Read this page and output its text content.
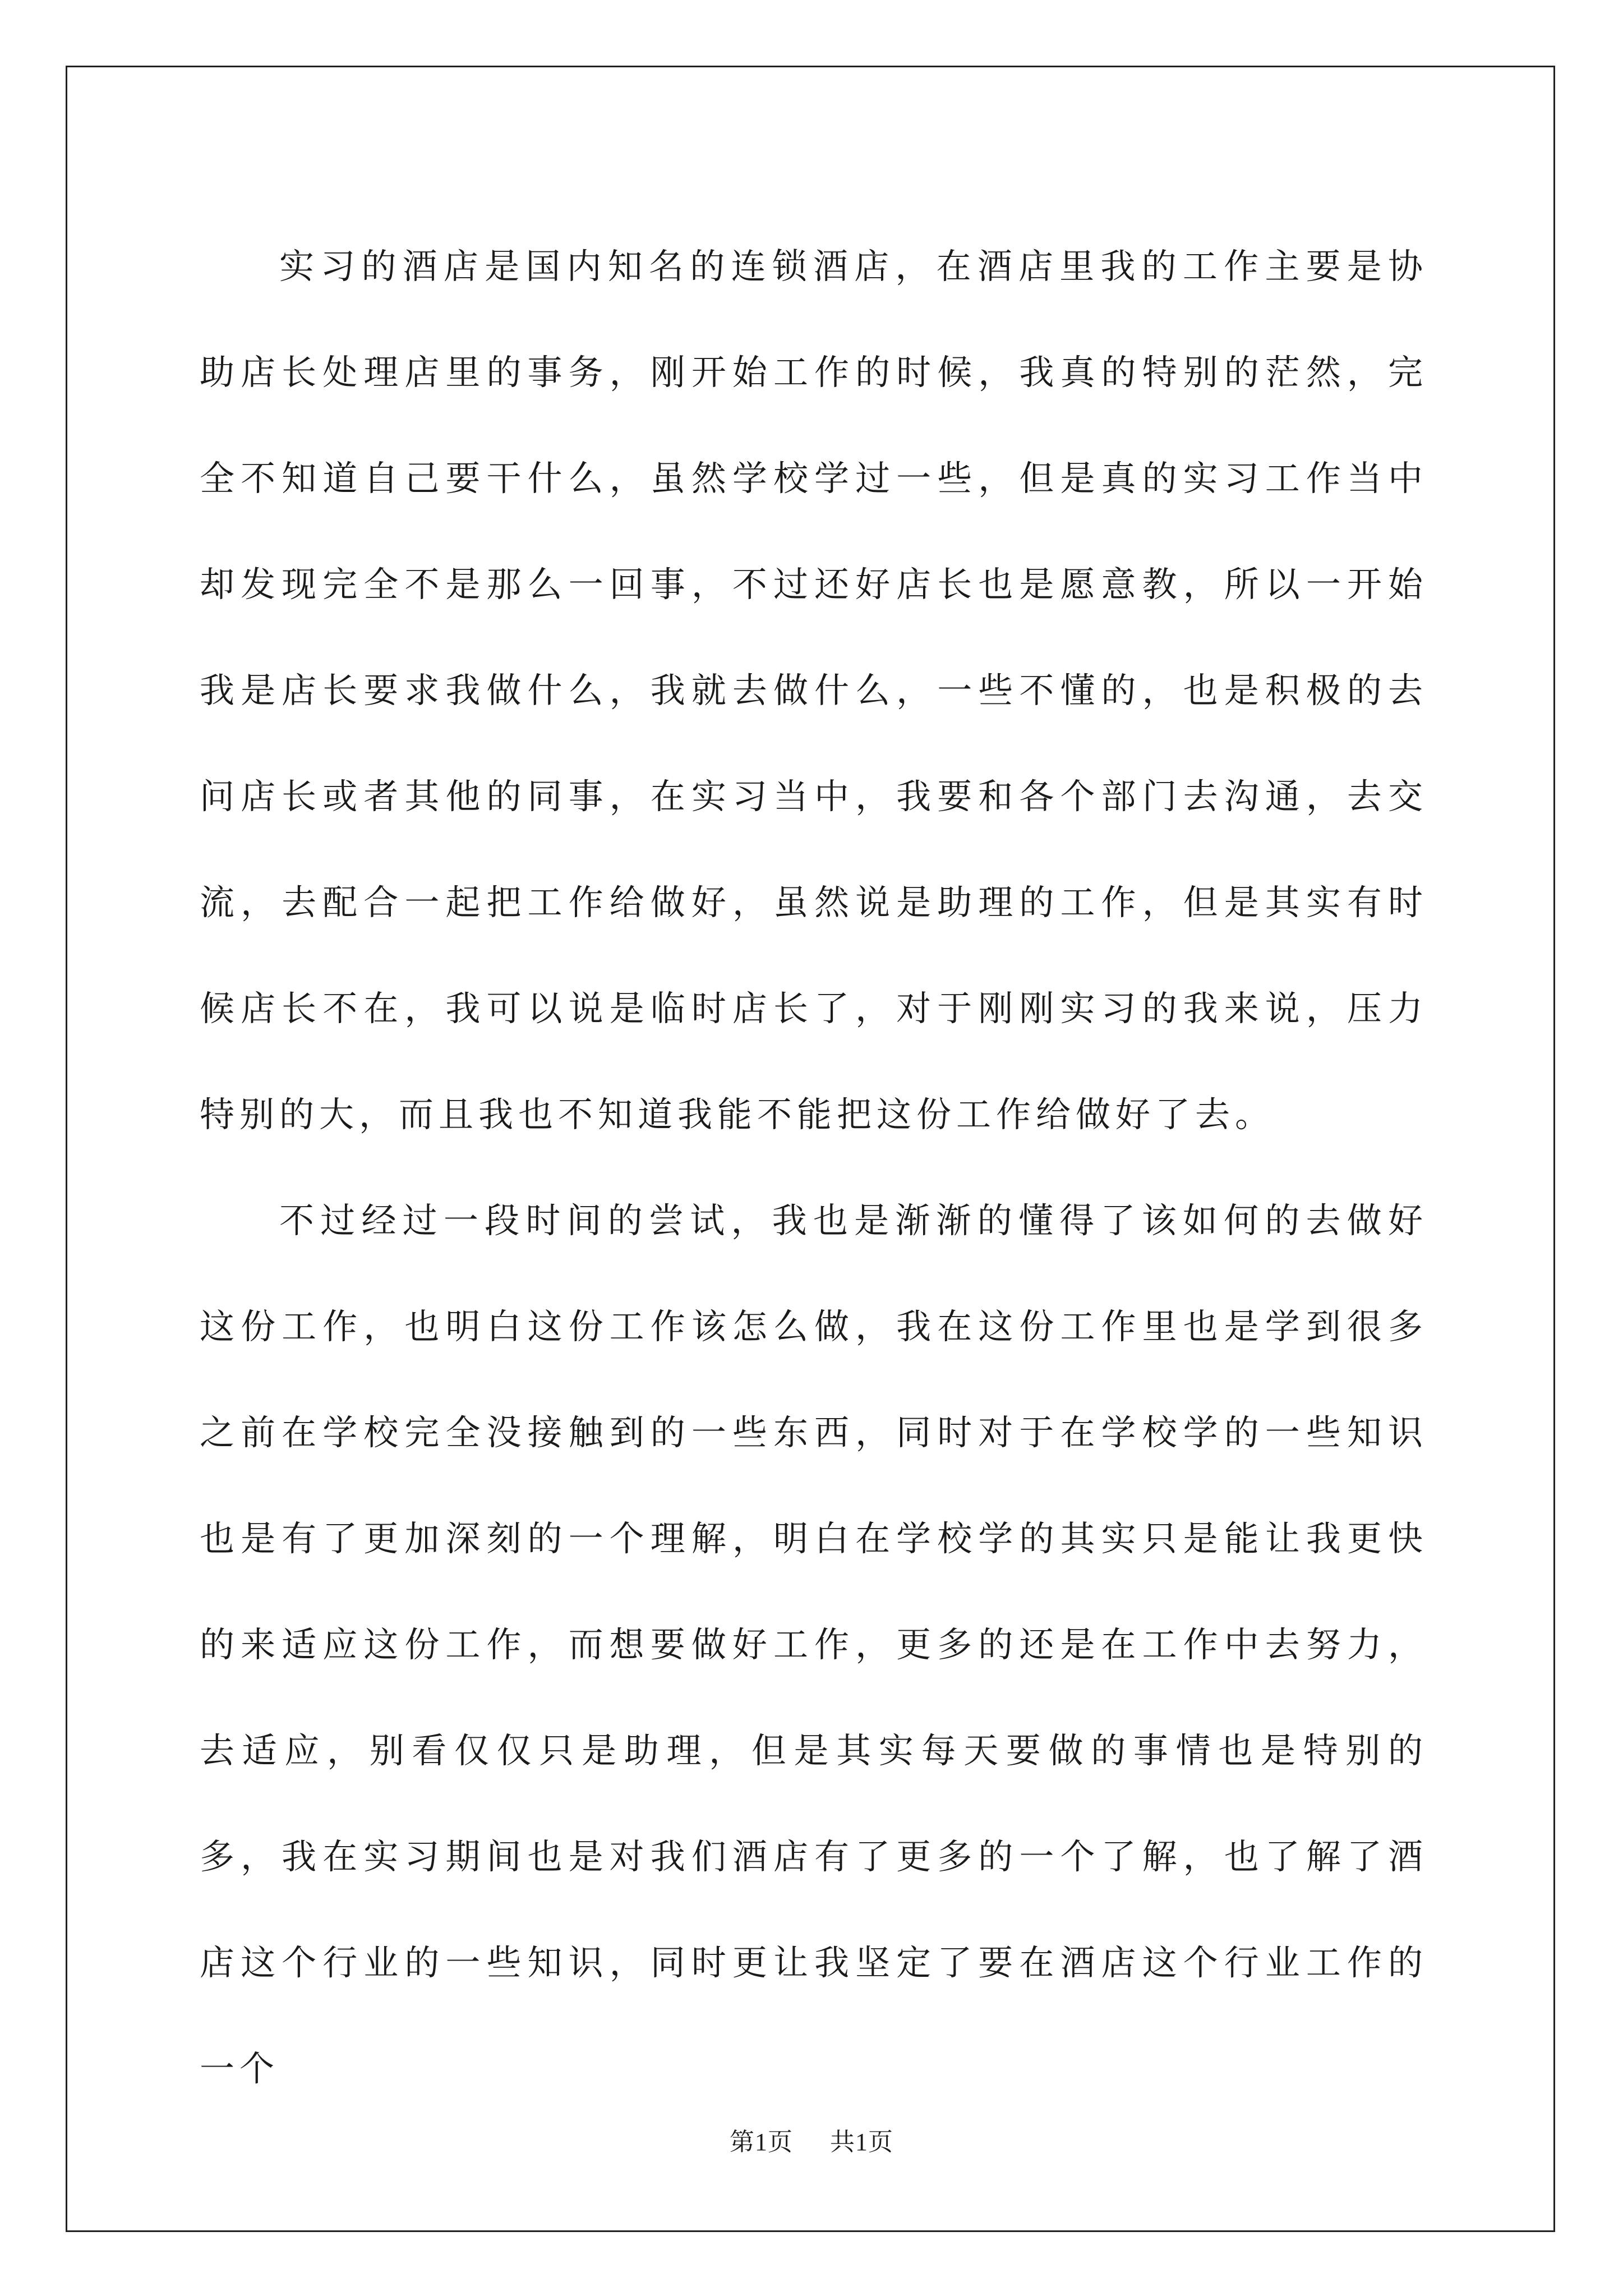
实习的酒店是国内知名的连锁酒店，在酒店里我的工作主要是协助店长处理店里的事务，刚开始工作的时候，我真的特别的茫然，完全不知道自己要干什么，虽然学校学过一些，但是真的实习工作当中却发现完全不是那么一回事，不过还好店长也是愿意教，所以一开始我是店长要求我做什么，我就去做什么，一些不懂的，也是积极的去问店长或者其他的同事，在实习当中，我要和各个部门去沟通，去交流，去配合一起把工作给做好，虽然说是助理的工作，但是其实有时候店长不在，我可以说是临时店长了，对于刚刚实习的我来说，压力特别的大，而且我也不知道我能不能把这份工作给做好了去。

不过经过一段时间的尝试，我也是渐渐的懂得了该如何的去做好这份工作，也明白这份工作该怎么做，我在这份工作里也是学到很多之前在学校完全没接触到的一些东西，同时对于在学校学的一些知识也是有了更加深刻的一个理解，明白在学校学的其实只是能让我更快的来适应这份工作，而想要做好工作，更多的还是在工作中去努力，去适应，别看仅仅只是助理，但是其实每天要做的事情也是特别的多，我在实习期间也是对我们酒店有了更多的一个了解，也了解了酒店这个行业的一些知识，同时更让我坚定了要在酒店这个行业工作的一个

第1页 共1页
